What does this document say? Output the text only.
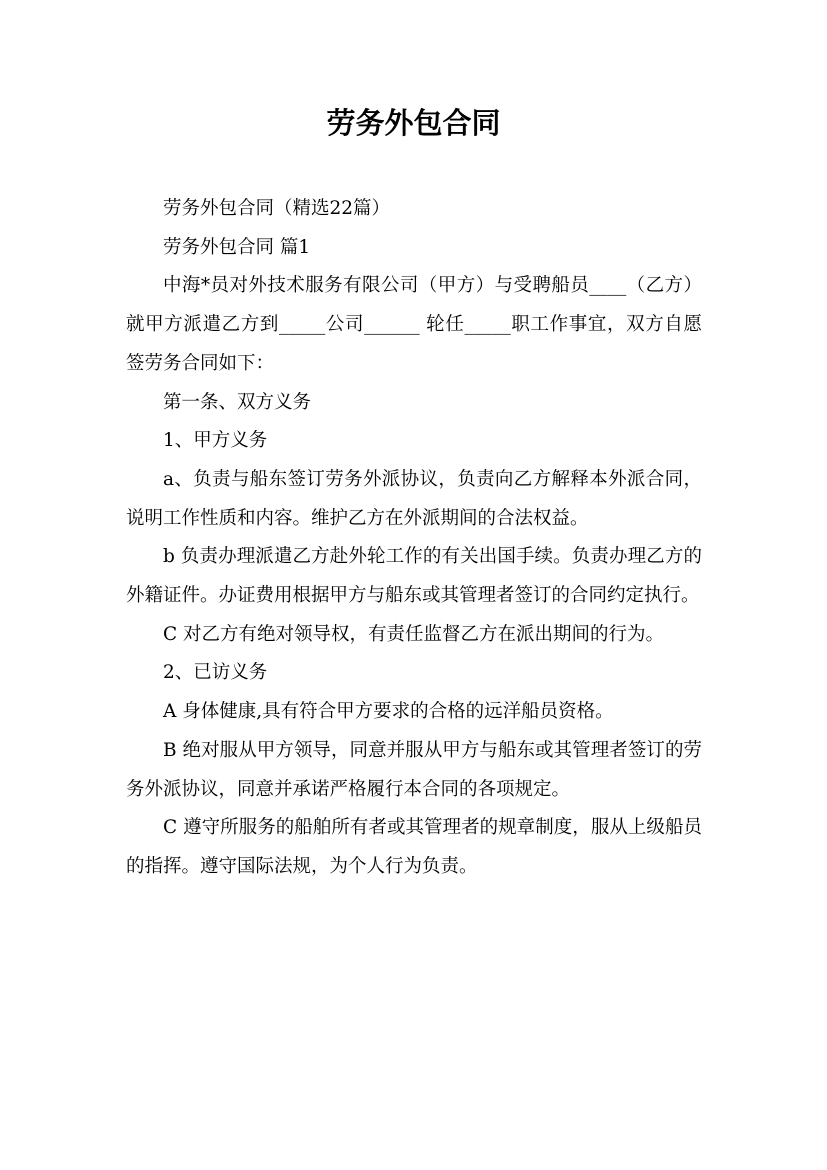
劳务外包合同

劳务外包合同（精选22篇）

劳务外包合同 篇1

中海*员对外技术服务有限公司（甲方）与受聘船员____（乙方）就甲方派遣乙方到_____公司______ 轮任_____职工作事宜，双方自愿签劳务合同如下：

第一条、双方义务

1、甲方义务

a、负责与船东签订劳务外派协议，负责向乙方解释本外派合同，说明工作性质和内容。维护乙方在外派期间的合法权益。

b 负责办理派遣乙方赴外轮工作的有关出国手续。负责办理乙方的外籍证件。办证费用根据甲方与船东或其管理者签订的合同约定执行。

C 对乙方有绝对领导权，有责任监督乙方在派出期间的行为。

2、已访义务

A 身体健康,具有符合甲方要求的合格的远洋船员资格。

B 绝对服从甲方领导，同意并服从甲方与船东或其管理者签订的劳务外派协议，同意并承诺严格履行本合同的各项规定。

C 遵守所服务的船舶所有者或其管理者的规章制度，服从上级船员的指挥。遵守国际法规，为个人行为负责。
